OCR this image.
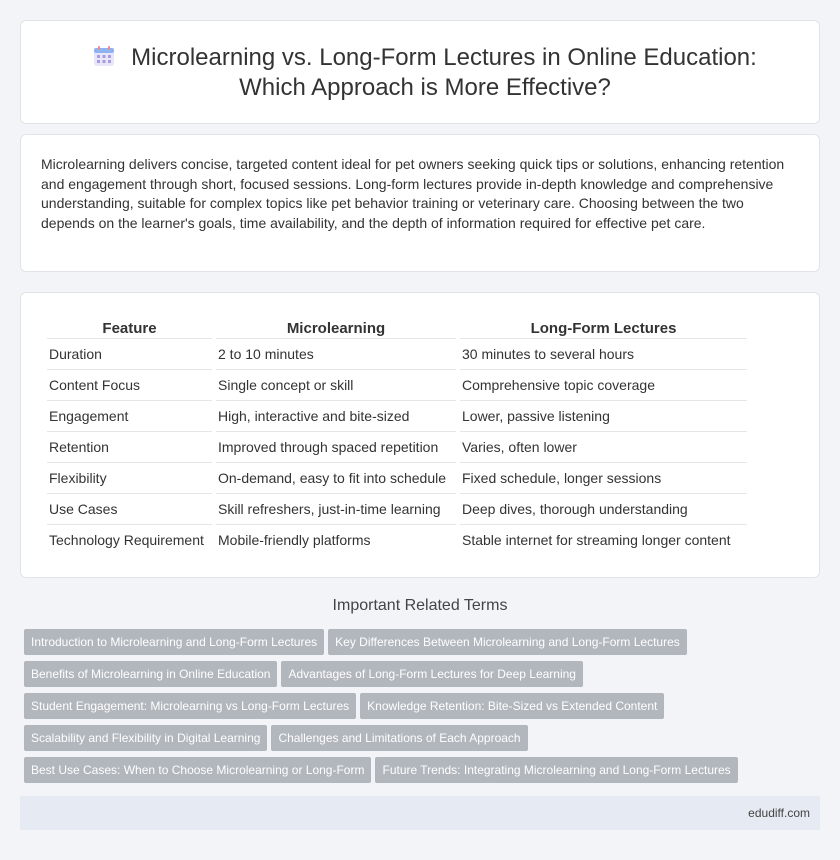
Microlearning vs. Long-Form Lectures in Online Education: Which Approach is More Effective?

Microlearning delivers concise, targeted content ideal for pet owners seeking quick tips or solutions, enhancing retention and engagement through short, focused sessions. Long-form lectures provide in-depth knowledge and comprehensive understanding, suitable for complex topics like pet behavior training or veterinary care. Choosing between the two depends on the learner's goals, time availability, and the depth of information required for effective pet care.

Feature	Microlearning	Long-Form Lectures
Duration	2 to 10 minutes	30 minutes to several hours
Content Focus	Single concept or skill	Comprehensive topic coverage
Engagement	High, interactive and bite-sized	Lower, passive listening
Retention	Improved through spaced repetition	Varies, often lower
Flexibility	On-demand, easy to fit into schedule	Fixed schedule, longer sessions
Use Cases	Skill refreshers, just-in-time learning	Deep dives, thorough understanding
Technology Requirement	Mobile-friendly platforms	Stable internet for streaming longer content
Important Related Terms
Introduction to Microlearning and Long-Form Lectures Key Differences Between Microlearning and Long-Form Lectures
Benefits of Microlearning in Online Education Advantages of Long-Form Lectures for Deep Learning
Student Engagement: Microlearning vs Long-Form Lectures Knowledge Retention: Bite-Sized vs Extended Content
Scalability and Flexibility in Digital Learning Challenges and Limitations of Each Approach
Best Use Cases: When to Choose Microlearning or Long-Form Future Trends: Integrating Microlearning and Long-Form Lectures
edudiff.com
